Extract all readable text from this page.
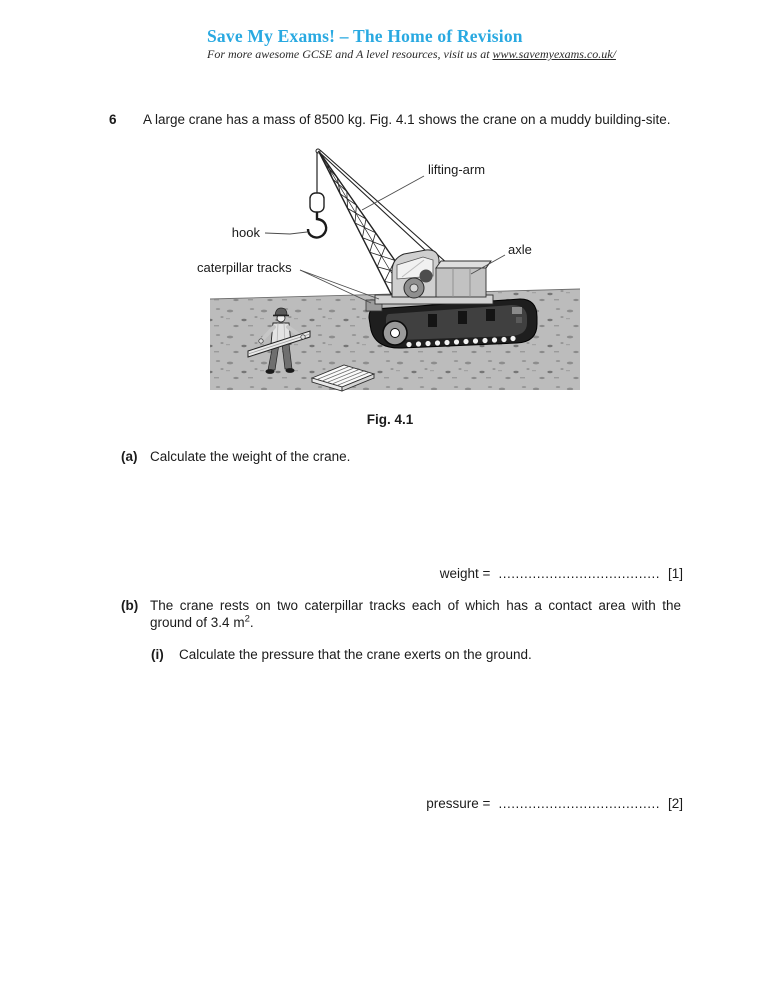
Save My Exams! – The Home of Revision
For more awesome GCSE and A level resources, visit us at www.savemyexams.co.uk/
6 A large crane has a mass of 8500 kg. Fig. 4.1 shows the crane on a muddy building-site.
lifting-arm
hook
caterpillar tracks
axle
Fig. 4.1
(a) Calculate the weight of the crane.
weight = ...................................... [1]
(b) The crane rests on two caterpillar tracks each of which has a contact area with the
ground of 3.4 $m^2$.
(i) Calculate the pressure that the crane exerts on the ground.
pressure = ...................................... [2]
